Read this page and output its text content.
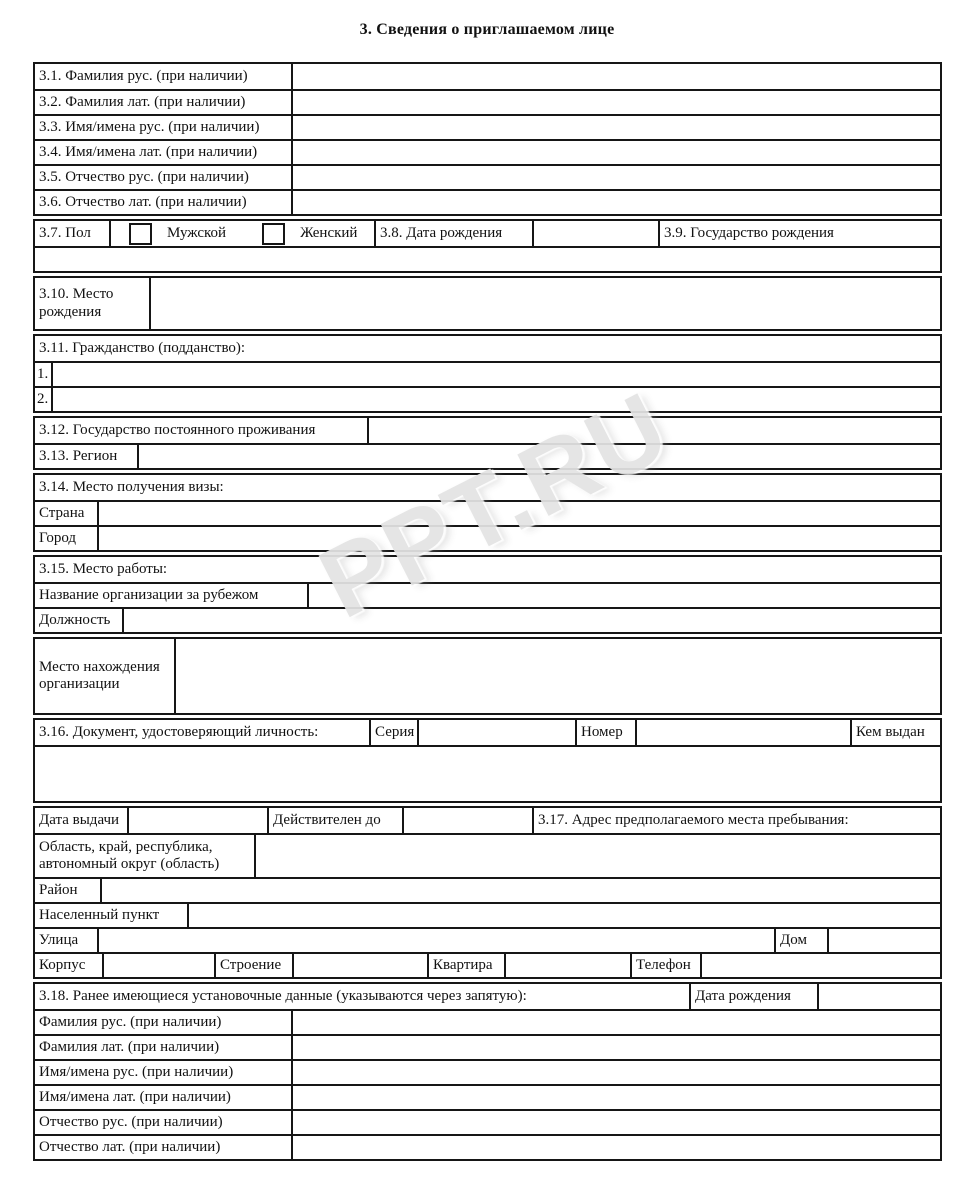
3. Сведения о приглашаемом лице
3.1. Фамилия рус. (при наличии)
3.2. Фамилия лат. (при наличии)
3.3. Имя/имена рус. (при наличии)
3.4. Имя/имена лат. (при наличии)
3.5. Отчество рус. (при наличии)
3.6. Отчество лат. (при наличии)
3.7. Пол	Мужской	Женский	3.8. Дата рождения	3.9. Государство рождения
3.10. Место рождения
3.11. Гражданство (подданство):
1.
2.
3.12. Государство постоянного проживания
3.13. Регион
3.14. Место получения визы:
Страна
Город
3.15. Место работы:
Название организации за рубежом
Должность
Место нахождения организации
3.16. Документ, удостоверяющий личность:	Серия	Номер	Кем выдан
Дата выдачи	Действителен до	3.17. Адрес предполагаемого места пребывания:
Область, край, республика, автономный округ (область)
Район
Населенный пункт
Улица	Дом
Корпус	Строение	Квартира	Телефон
3.18. Ранее имеющиеся установочные данные (указываются через запятую):	Дата рождения
Фамилия рус. (при наличии)
Фамилия лат. (при наличии)
Имя/имена рус. (при наличии)
Имя/имена лат. (при наличии)
Отчество рус. (при наличии)
Отчество лат. (при наличии)
PPT.RU
